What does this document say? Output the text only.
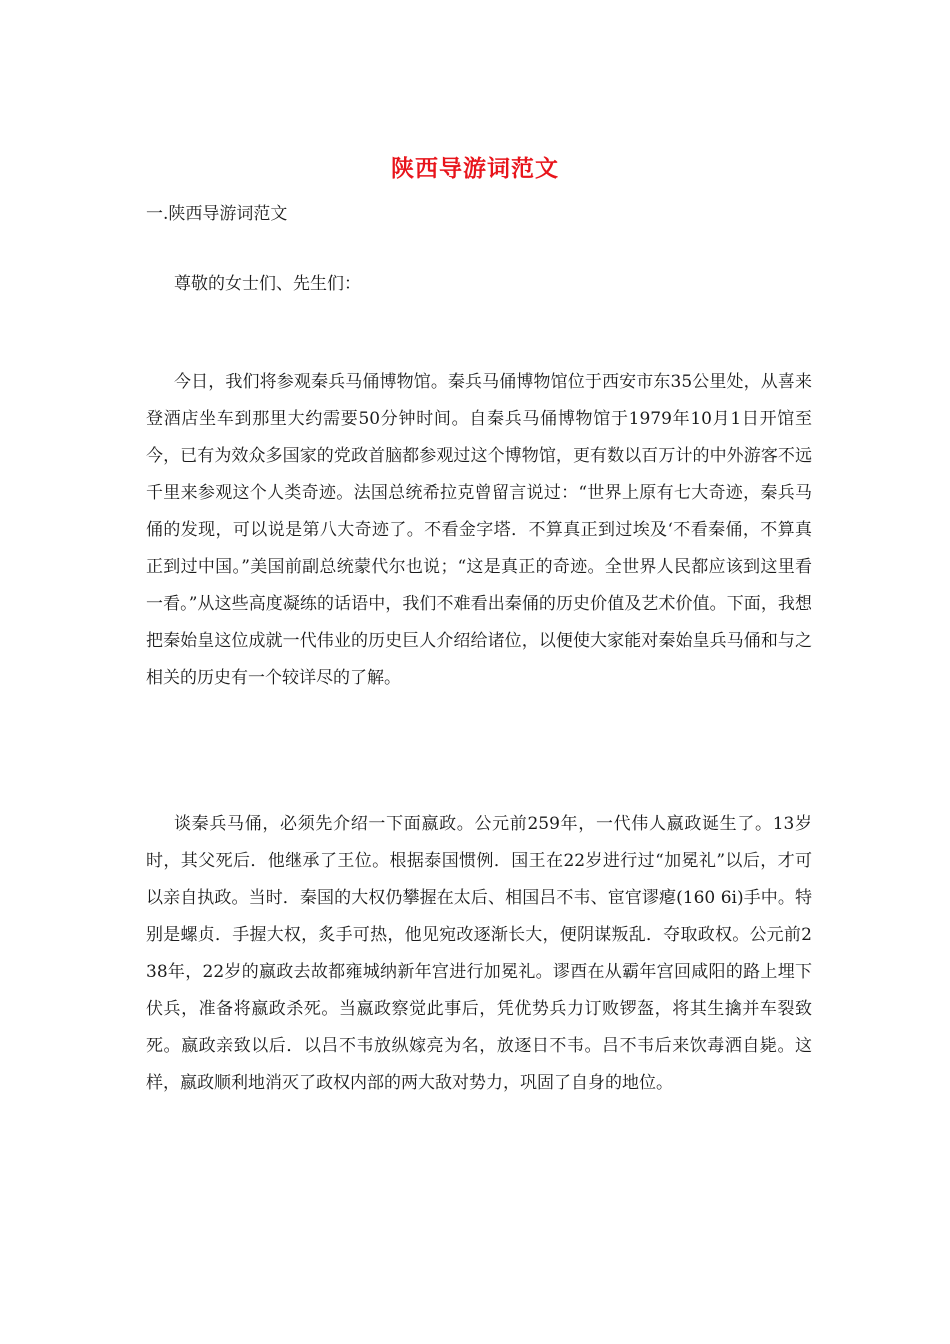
陕西导游词范文
一.陕西导游词范文
尊敬的女士们、先生们：
今日，我们将参观秦兵马俑博物馆。秦兵马俑博物馆位于西安市东35公里处，从喜来登酒店坐车到那里大约需要50分钟时间。自秦兵马俑博物馆于1979年10月1日开馆至今，已有为效众多国家的党政首脑都参观过这个博物馆，更有数以百万计的中外游客不远千里来参观这个人类奇迹。法国总统希拉克曾留言说过：“世界上原有七大奇迹，秦兵马俑的发现，可以说是第八大奇迹了。不看金字塔．不算真正到过埃及‘不看秦俑，不算真正到过中国。”美国前副总统蒙代尔也说；“这是真正的奇迹。全世界人民都应该到这里看一看。”从这些高度凝练的话语中，我们不难看出秦俑的历史价值及艺术价值。下面，我想把秦始皇这位成就一代伟业的历史巨人介绍给诸位，以便使大家能对秦始皇兵马俑和与之相关的历史有一个较详尽的了解。
谈秦兵马俑，必须先介绍一下面嬴政。公元前259年，一代伟人嬴政诞生了。13岁时，其父死后．他继承了王位。根据泰国惯例．国王在22岁进行过“加冕礼”以后，才可以亲自执政。当时．秦国的大权仍攀握在太后、相国吕不韦、宦官谬瘪(160 6i)手中。特别是螺贞．手握大权，炙手可热，他见宛改逐渐长大，便阴谋叛乱．夺取政权。公元前238年，22岁的嬴政去故都雍城纳新年宫进行加冕礼。谬酉在从霸年宫回咸阳的路上埋下伏兵，准备将嬴政杀死。当嬴政察觉此事后，凭优势兵力订败锣盔，将其生擒并车裂致死。嬴政亲致以后．以吕不韦放纵嫁亮为名，放逐日不韦。吕不韦后来饮毒洒自毙。这样，嬴政顺利地消灭了政权内部的两大敌对势力，巩固了自身的地位。
